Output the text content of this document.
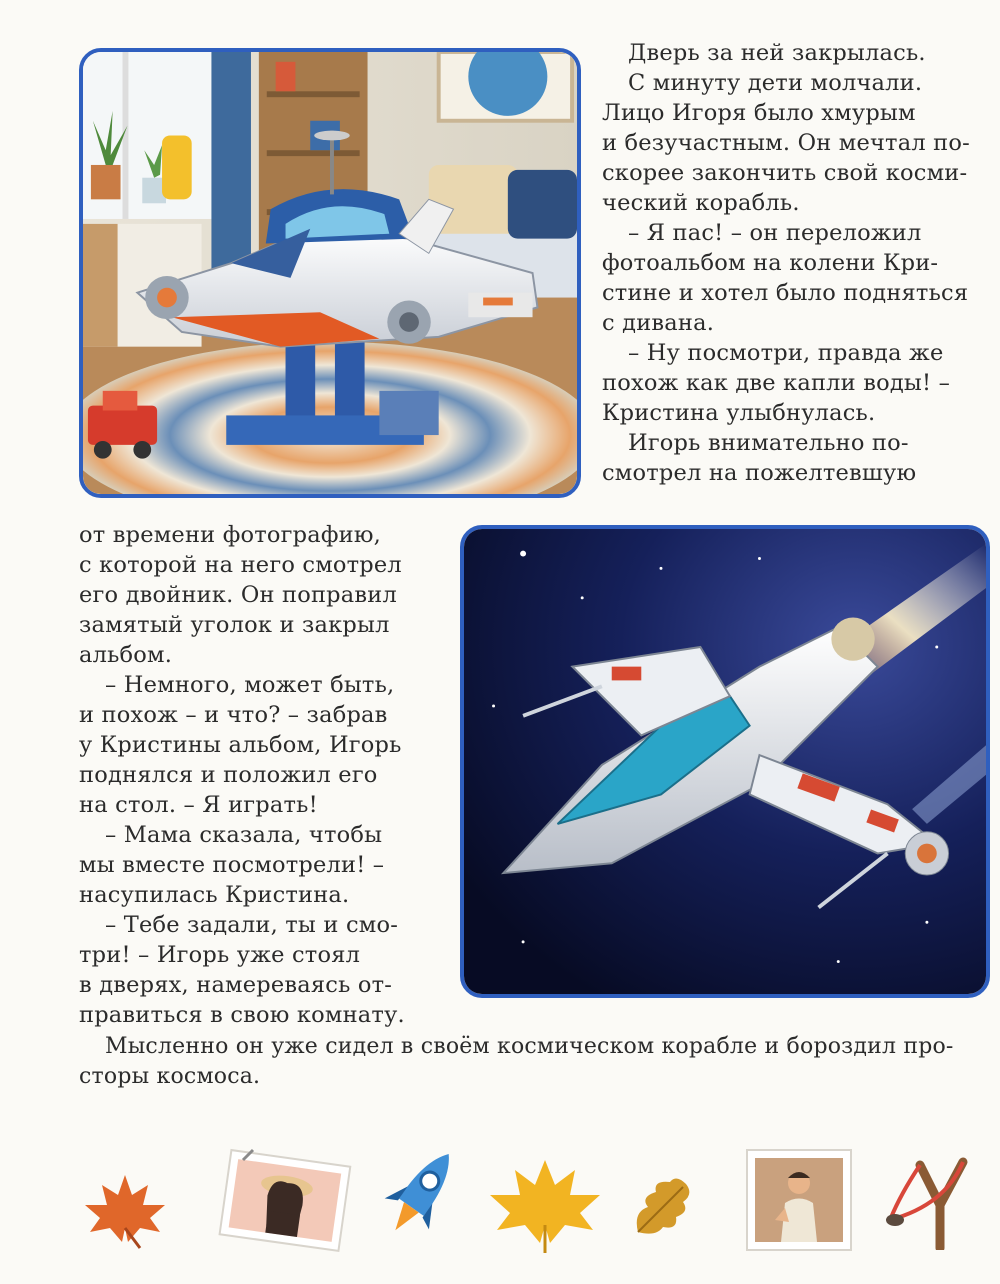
Дверь за ней закрылась.
С минуту дети молчали.
Лицо Игоря было хмурым
и безучастным. Он мечтал по-
скорее закончить свой косми-
ческий корабль.
– Я пас! – он переложил
фотоальбом на колени Кри-
стине и хотел было подняться
с дивана.
– Ну посмотри, правда же
похож как две капли воды! –
Кристина улыбнулась.
Игорь внимательно по-
смотрел на пожелтевшую
от времени фотографию,
с которой на него смотрел
его двойник. Он поправил
замятый уголок и закрыл
альбом.
– Немного, может быть,
и похож – и что? – забрав
у Кристины альбом, Игорь
поднялся и положил его
на стол. – Я играть!
– Мама сказала, чтобы
мы вместе посмотрели! –
насупилась Кристина.
– Тебе задали, ты и смо-
три! – Игорь уже стоял
в дверях, намереваясь от-
правиться в свою комнату.
Мысленно он уже сидел в своём космическом корабле и бороздил про-
сторы космоса.
